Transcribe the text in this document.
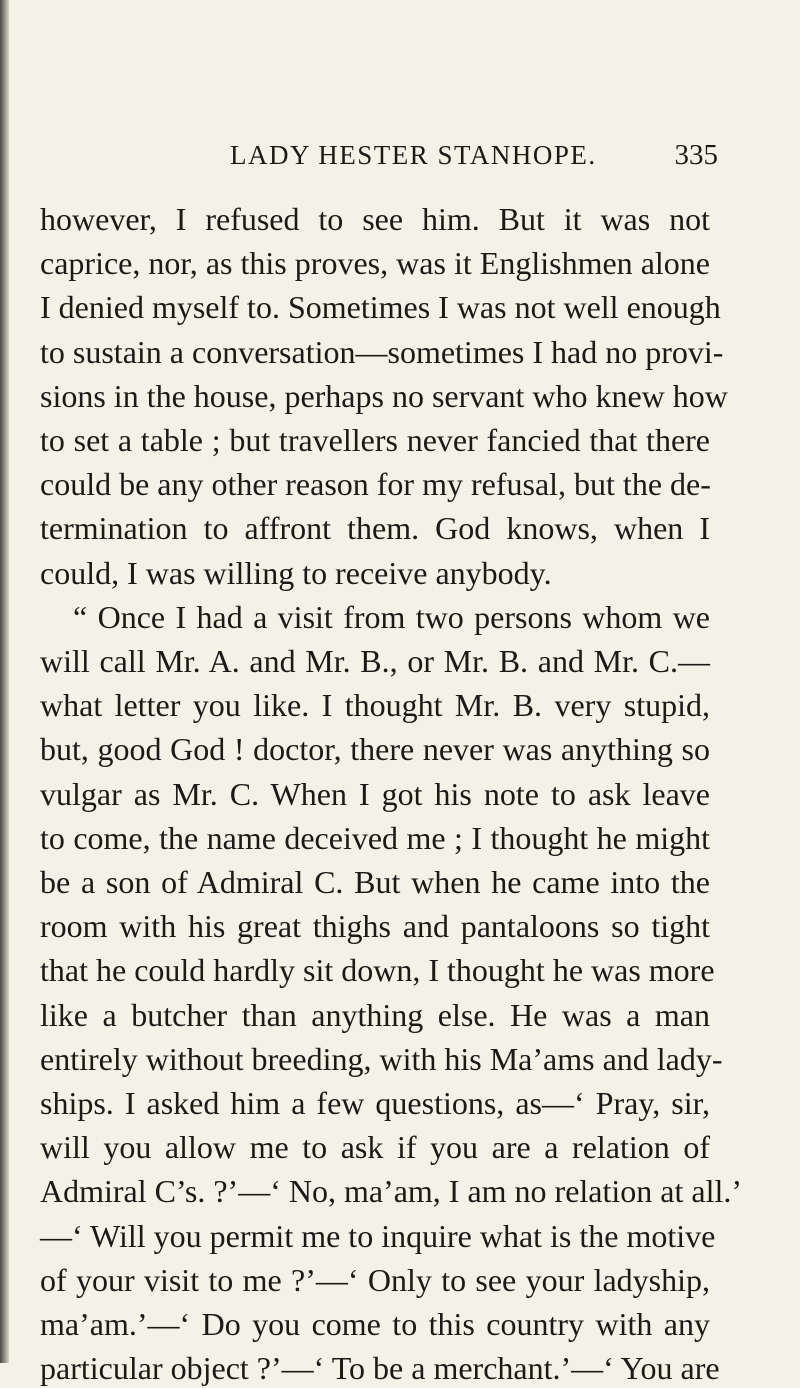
LADY HESTER STANHOPE.	335
however, I refused to see him. But it was not
caprice, nor, as this proves, was it Englishmen alone
I denied myself to. Sometimes I was not well enough
to sustain a conversation—sometimes I had no provi-
sions in the house, perhaps no servant who knew how
to set a table ; but travellers never fancied that there
could be any other reason for my refusal, but the de-
termination to affront them. God knows, when I
could, I was willing to receive anybody.
“ Once I had a visit from two persons whom we
will call Mr. A. and Mr. B., or Mr. B. and Mr. C.—
what letter you like. I thought Mr. B. very stupid,
but, good God ! doctor, there never was anything so
vulgar as Mr. C. When I got his note to ask leave
to come, the name deceived me ; I thought he might
be a son of Admiral C. But when he came into the
room with his great thighs and pantaloons so tight
that he could hardly sit down, I thought he was more
like a butcher than anything else. He was a man
entirely without breeding, with his Ma’ams and lady-
ships. I asked him a few questions, as—‘ Pray, sir,
will you allow me to ask if you are a relation of
Admiral C’s. ?’—‘ No, ma’am, I am no relation at all.’
—‘ Will you permit me to inquire what is the motive
of your visit to me ?’—‘ Only to see your ladyship,
ma’am.’—‘ Do you come to this country with any
particular object ?’—‘ To be a merchant.’—‘ You are
